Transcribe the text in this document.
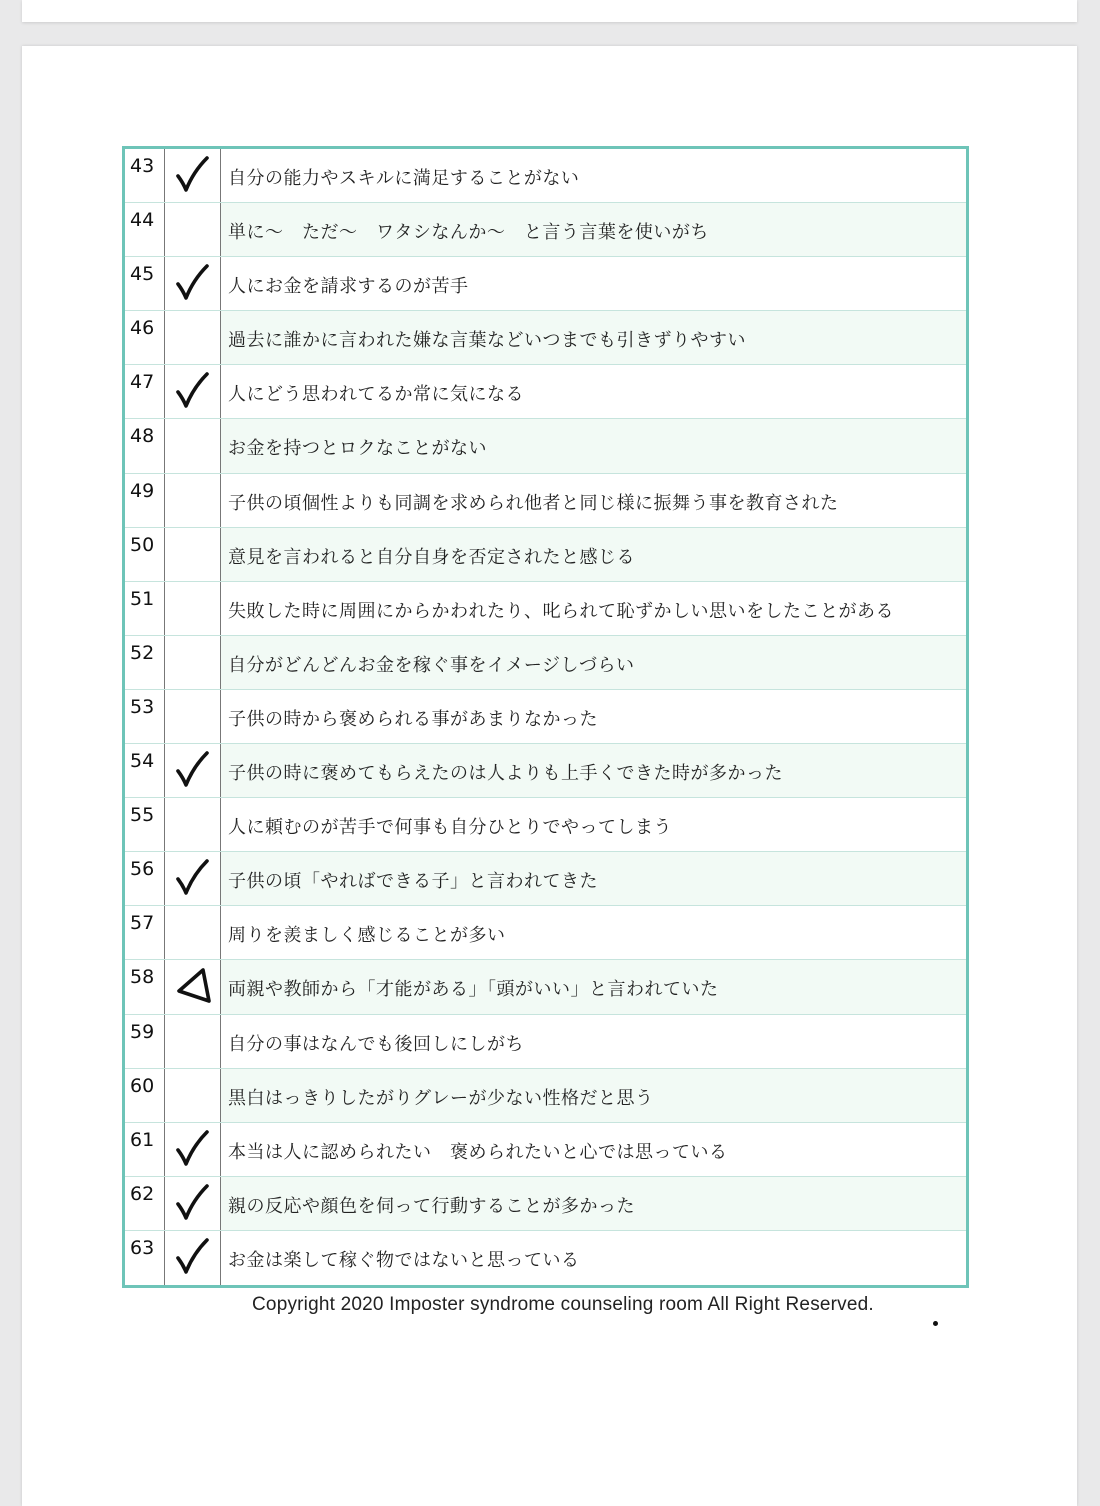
43
自分の能力やスキルに満足することがない
44
単に〜　ただ〜　ワタシなんか〜　と言う言葉を使いがち
45
人にお金を請求するのが苦手
46
過去に誰かに言われた嫌な言葉などいつまでも引きずりやすい
47
人にどう思われてるか常に気になる
48
お金を持つとロクなことがない
49
子供の頃個性よりも同調を求められ他者と同じ様に振舞う事を教育された
50
意見を言われると自分自身を否定されたと感じる
51
失敗した時に周囲にからかわれたり、叱られて恥ずかしい思いをしたことがある
52
自分がどんどんお金を稼ぐ事をイメージしづらい
53
子供の時から褒められる事があまりなかった
54
子供の時に褒めてもらえたのは人よりも上手くできた時が多かった
55
人に頼むのが苦手で何事も自分ひとりでやってしまう
56
子供の頃「やればできる子」と言われてきた
57
周りを羨ましく感じることが多い
58
両親や教師から「才能がある」「頭がいい」と言われていた
59
自分の事はなんでも後回しにしがち
60
黒白はっきりしたがりグレーが少ない性格だと思う
61
本当は人に認められたい　褒められたいと心では思っている
62
親の反応や顔色を伺って行動することが多かった
63
お金は楽して稼ぐ物ではないと思っている
Copyright 2020 Imposter syndrome counseling room All Right Reserved.
